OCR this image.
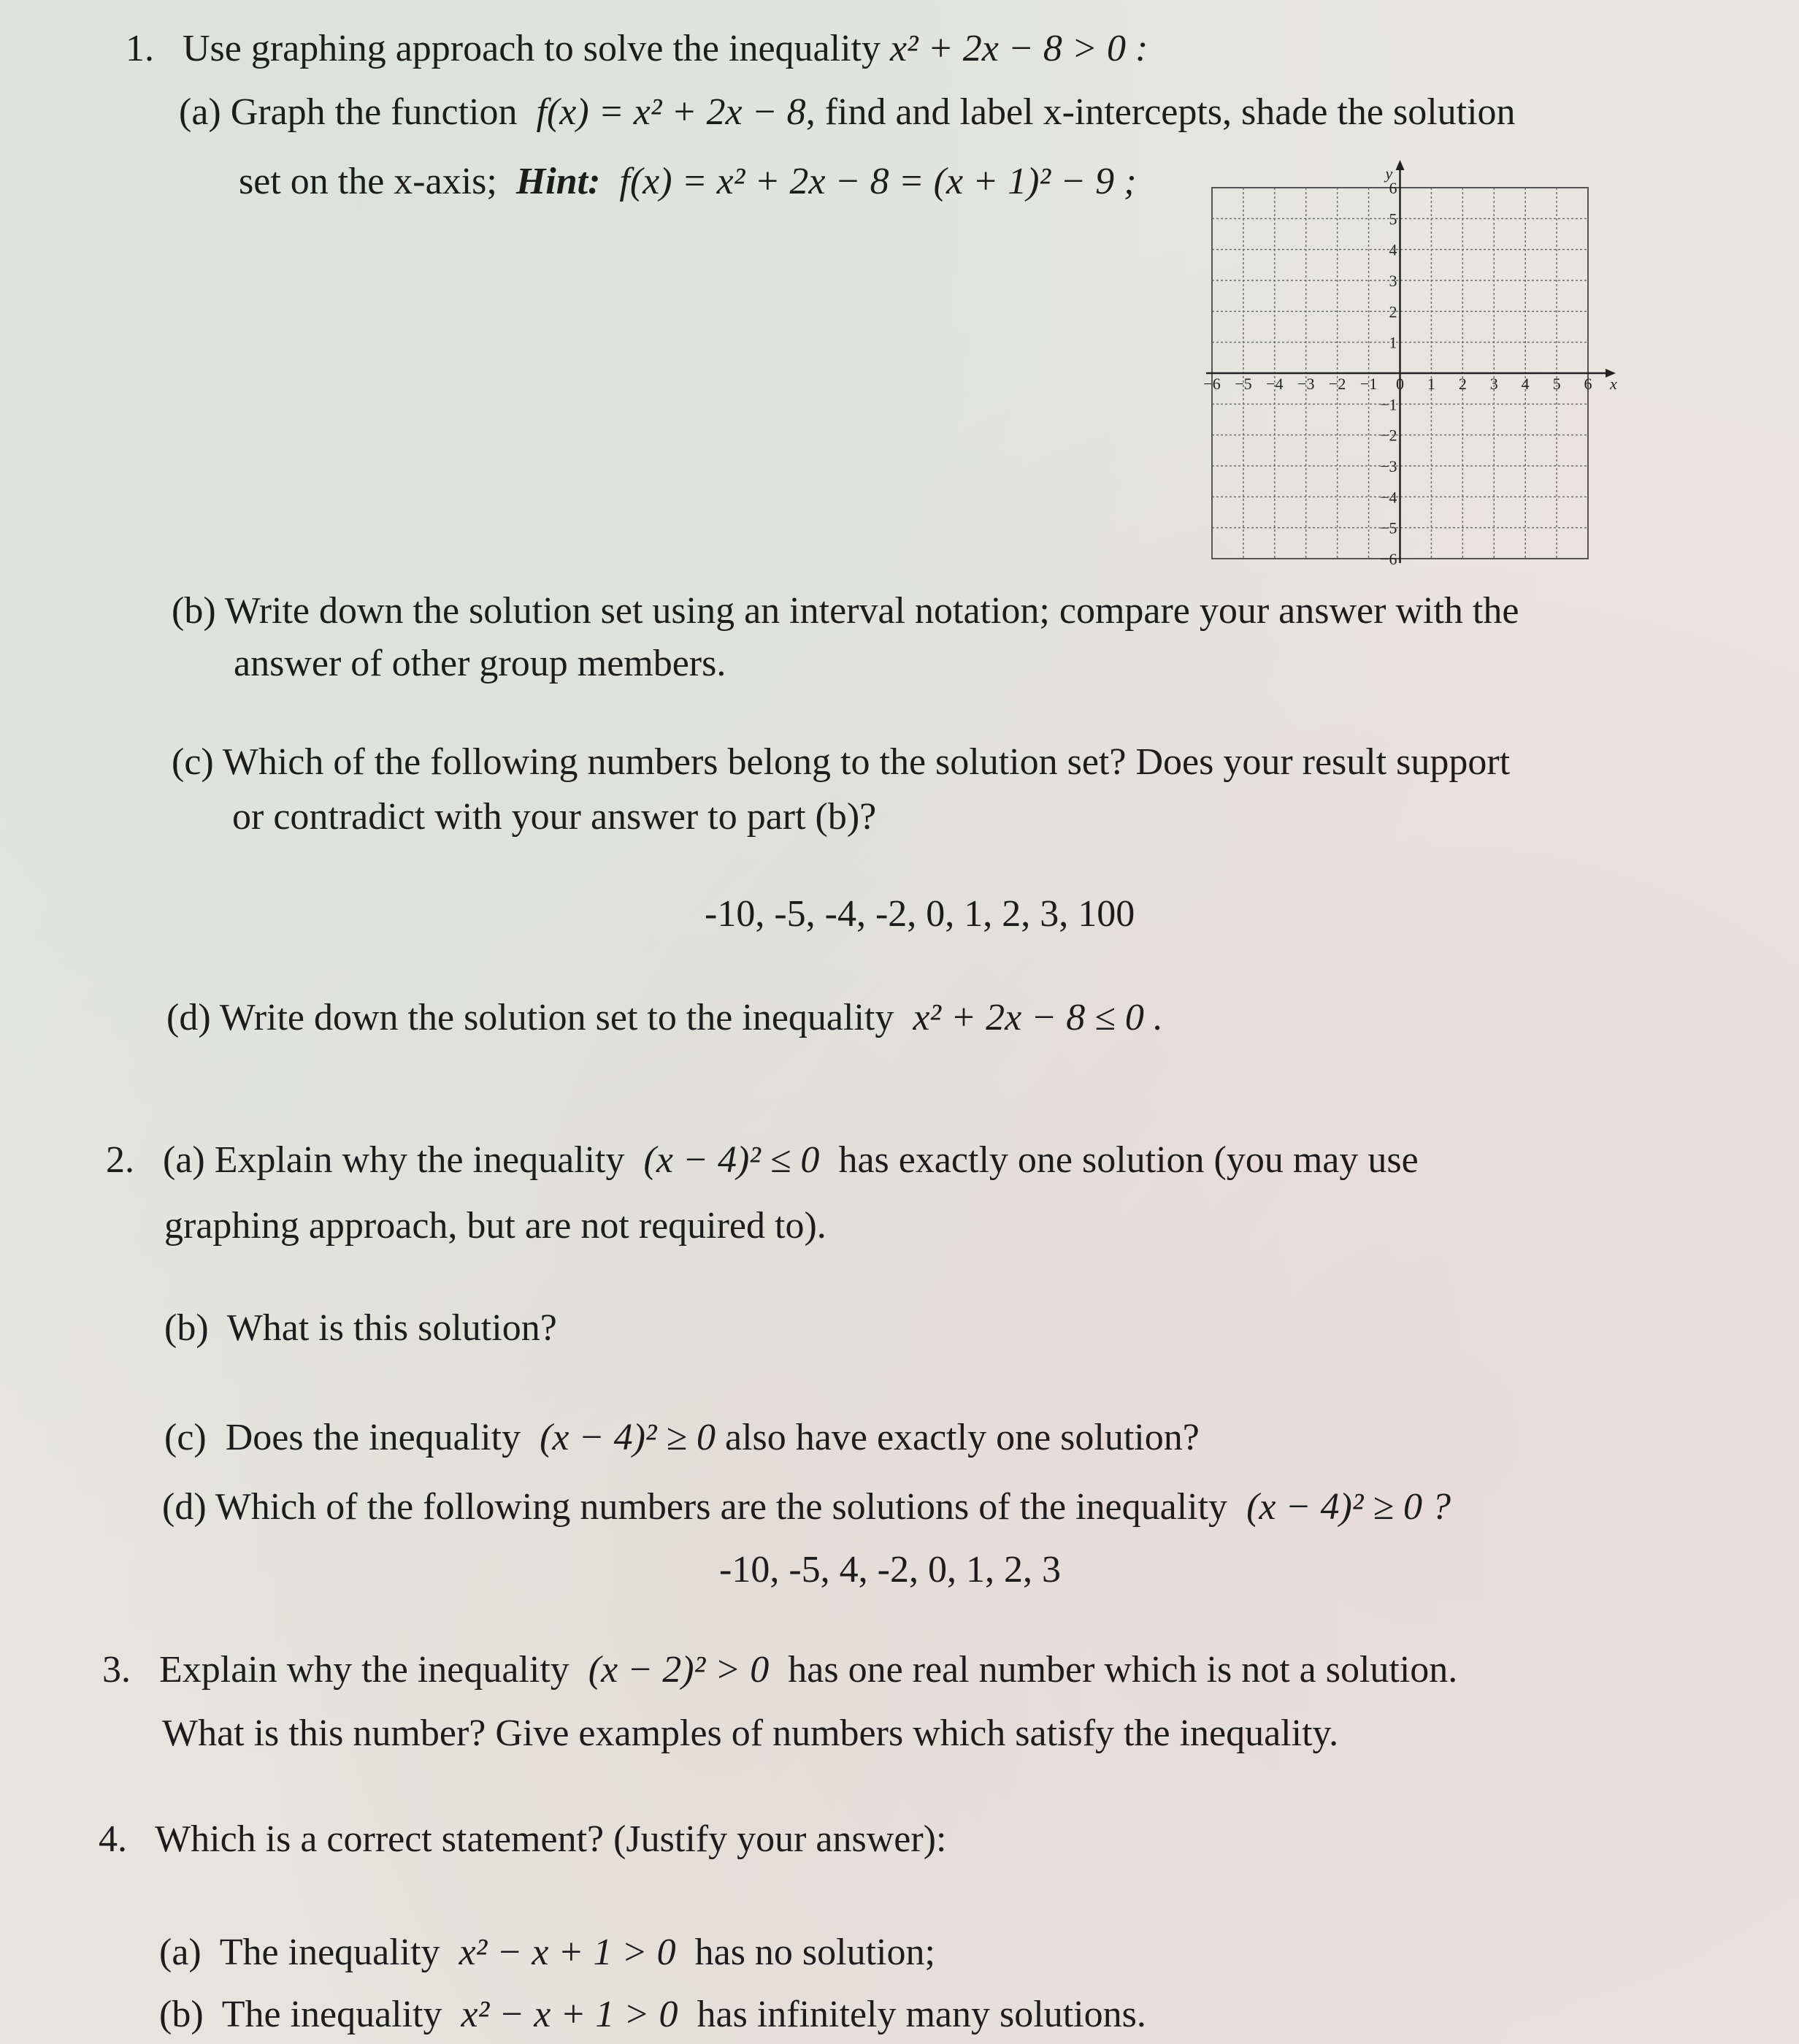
1. Use graphing approach to solve the inequality x² + 2x − 8 > 0 :
(a) Graph the function f(x) = x² + 2x − 8, find and label x-intercepts, shade the solution
set on the x-axis; Hint: f(x) = x² + 2x − 8 = (x + 1)² − 9 ;
x
y
−6 −5 −4 −3 −2 −1 0 1 2 3 4 5 6
1
2
3
4
5
6
−1
−2
−3
−4
−5
−6
(b) Write down the solution set using an interval notation; compare your answer with the
answer of other group members.
(c) Which of the following numbers belong to the solution set? Does your result support
or contradict with your answer to part (b)?
-10, -5, -4, -2, 0, 1, 2, 3, 100
(d) Write down the solution set to the inequality x² + 2x − 8 ≤ 0 .
2. (a) Explain why the inequality (x − 4)² ≤ 0 has exactly one solution (you may use
graphing approach, but are not required to).
(b) What is this solution?
(c) Does the inequality (x − 4)² ≥ 0 also have exactly one solution?
(d) Which of the following numbers are the solutions of the inequality (x − 4)² ≥ 0 ?
-10, -5, 4, -2, 0, 1, 2, 3
3. Explain why the inequality (x − 2)² > 0 has one real number which is not a solution.
What is this number? Give examples of numbers which satisfy the inequality.
4. Which is a correct statement? (Justify your answer):
(a) The inequality x² − x + 1 > 0 has no solution;
(b) The inequality x² − x + 1 > 0 has infinitely many solutions.
